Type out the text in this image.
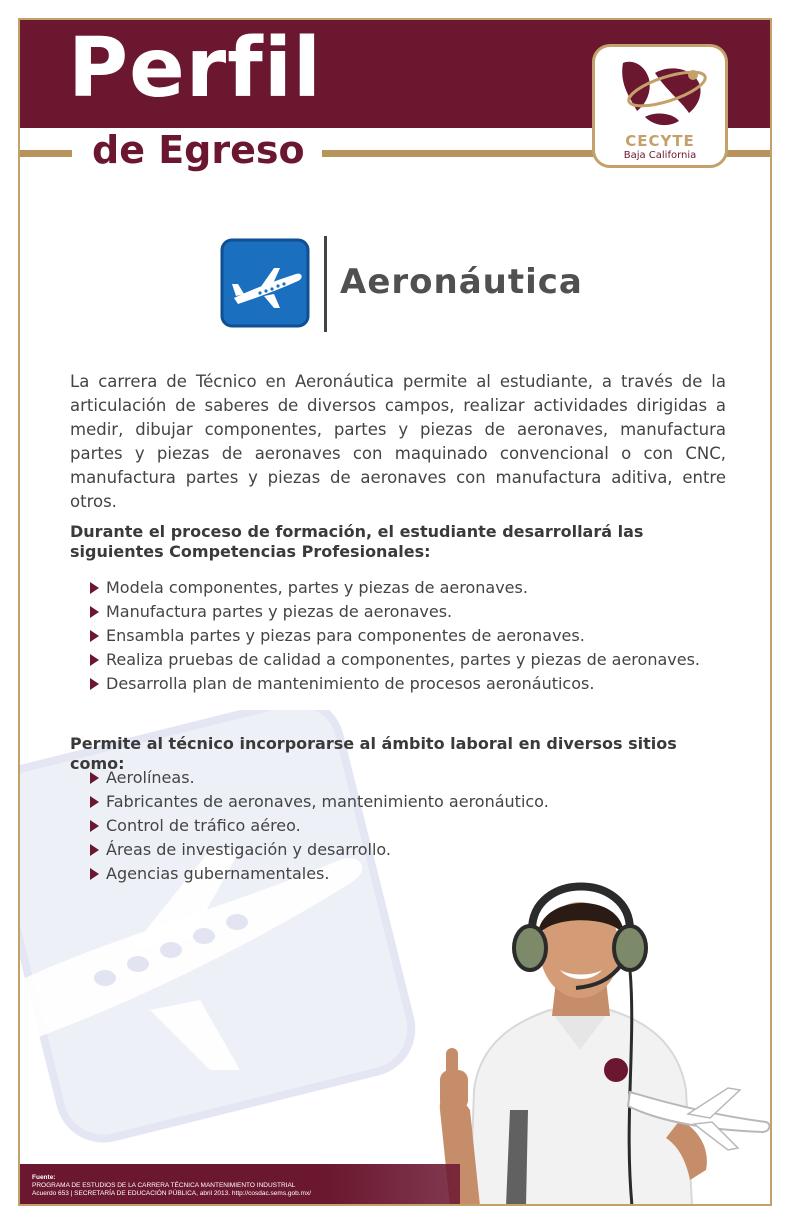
Perfil
de Egreso	CECYTE
Baja California
Aeronáutica

La carrera de Técnico en Aeronáutica permite al estudiante, a través de la articulación de saberes de diversos campos, realizar actividades dirigidas a medir, dibujar componentes, partes y piezas de aeronaves, manufactura partes y piezas de aeronaves con maquinado convencional o con CNC, manufactura partes y piezas de aeronaves con manufactura aditiva, entre otros.

Durante el proceso de formación, el estudiante desarrollará las siguientes Competencias Profesionales:
Modela componentes, partes y piezas de aeronaves.
Manufactura partes y piezas de aeronaves.
Ensambla partes y piezas para componentes de aeronaves.
Realiza pruebas de calidad a componentes, partes y piezas de aeronaves.
Desarrolla plan de mantenimiento de procesos aeronáuticos.
Permite al técnico incorporarse al ámbito laboral en diversos sitios como:
Aerolíneas.
Fabricantes de aeronaves, mantenimiento aeronáutico.
Control de tráfico aéreo.
Áreas de investigación y desarrollo.
Agencias gubernamentales.
Fuente:
PROGRAMA DE ESTUDIOS DE LA CARRERA TÉCNICA MANTENIMIENTO INDUSTRIAL
Acuerdo 653 | SECRETARÍA DE EDUCACIÓN PÚBLICA, abril 2013. http://cosdac.sems.gob.mx/
